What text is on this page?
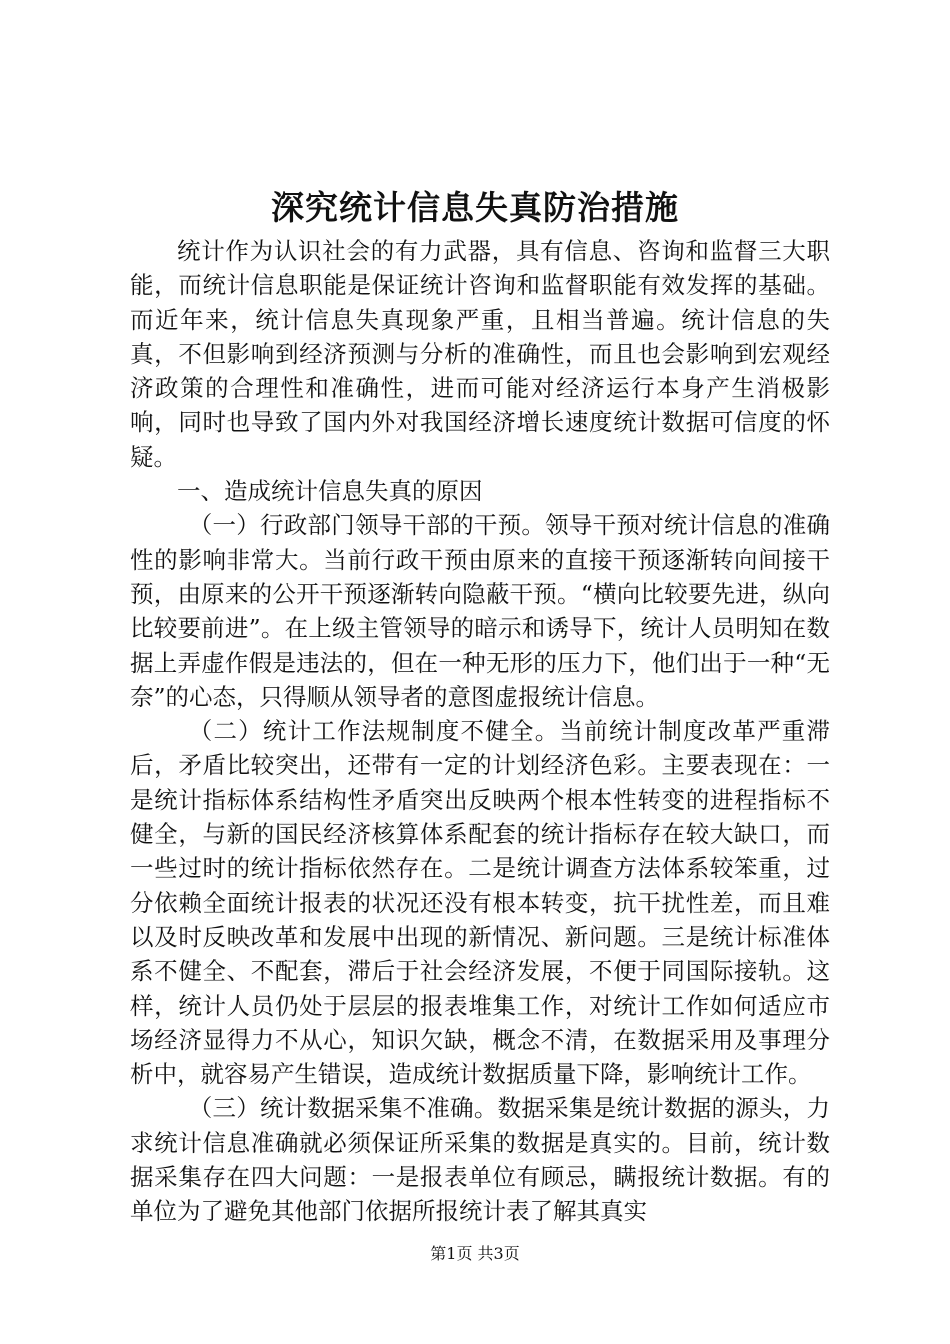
深究统计信息失真防治措施

统计作为认识社会的有力武器，具有信息、咨询和监督三大职能，而统计信息职能是保证统计咨询和监督职能有效发挥的基础。而近年来，统计信息失真现象严重，且相当普遍。统计信息的失真，不但影响到经济预测与分析的准确性，而且也会影响到宏观经济政策的合理性和准确性，进而可能对经济运行本身产生消极影响，同时也导致了国内外对我国经济增长速度统计数据可信度的怀疑。

一、造成统计信息失真的原因

（一）行政部门领导干部的干预。领导干预对统计信息的准确性的影响非常大。当前行政干预由原来的直接干预逐渐转向间接干预，由原来的公开干预逐渐转向隐蔽干预。“横向比较要先进，纵向比较要前进”。在上级主管领导的暗示和诱导下，统计人员明知在数据上弄虚作假是违法的，但在一种无形的压力下，他们出于一种“无奈”的心态，只得顺从领导者的意图虚报统计信息。

（二）统计工作法规制度不健全。当前统计制度改革严重滞后，矛盾比较突出，还带有一定的计划经济色彩。主要表现在：一是统计指标体系结构性矛盾突出反映两个根本性转变的进程指标不健全，与新的国民经济核算体系配套的统计指标存在较大缺口，而一些过时的统计指标依然存在。二是统计调查方法体系较笨重，过分依赖全面统计报表的状况还没有根本转变，抗干扰性差，而且难以及时反映改革和发展中出现的新情况、新问题。三是统计标准体系不健全、不配套，滞后于社会经济发展，不便于同国际接轨。这样，统计人员仍处于层层的报表堆集工作，对统计工作如何适应市场经济显得力不从心，知识欠缺，概念不清，在数据采用及事理分析中，就容易产生错误，造成统计数据质量下降，影响统计工作。

（三）统计数据采集不准确。数据采集是统计数据的源头，力求统计信息准确就必须保证所采集的数据是真实的。目前，统计数据采集存在四大问题：一是报表单位有顾忌，瞒报统计数据。有的单位为了避免其他部门依据所报统计表了解其真实

第1页 共3页
